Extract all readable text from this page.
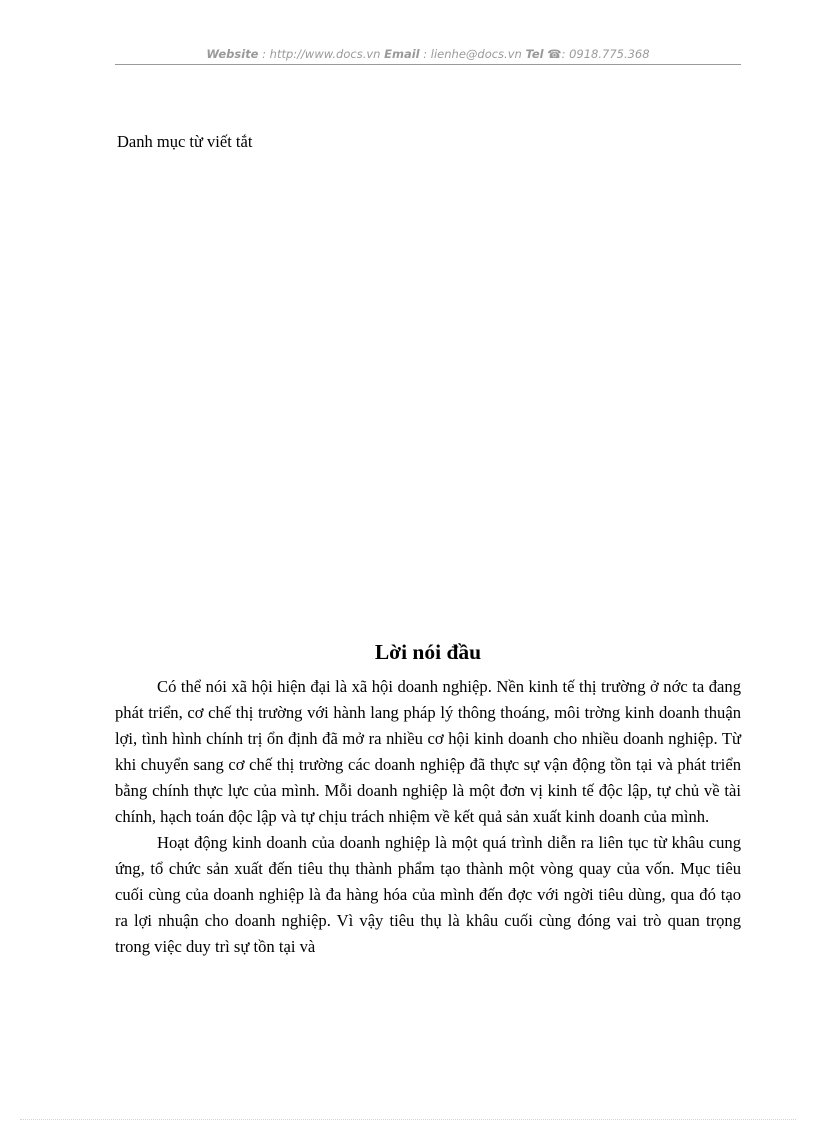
Website : http://www.docs.vn Email : lienhe@docs.vn Tel ☎: 0918.775.368
Danh mục từ viết tắt
Lời nói đầu

Có thể nói xã hội hiện đại là xã hội doanh nghiệp. Nền kinh tế thị trường ở nớc ta đang phát triển, cơ chế thị trường với hành lang pháp lý thông thoáng, môi trờng kinh doanh thuận lợi, tình hình chính trị ổn định đã mở ra nhiều cơ hội kinh doanh cho nhiều doanh nghiệp. Từ khi chuyển sang cơ chế thị trường các doanh nghiệp đã thực sự vận động tồn tại và phát triển bằng chính thực lực của mình. Mỗi doanh nghiệp là một đơn vị kinh tế độc lập, tự chủ về tài chính, hạch toán độc lập và tự chịu trách nhiệm về kết quả sản xuất kinh doanh của mình.

Hoạt động kinh doanh của doanh nghiệp là một quá trình diễn ra liên tục từ khâu cung ứng, tổ chức sản xuất đến tiêu thụ thành phẩm tạo thành một vòng quay của vốn. Mục tiêu cuối cùng của doanh nghiệp là đa hàng hóa của mình đến đợc với ngời tiêu dùng, qua đó tạo ra lợi nhuận cho doanh nghiệp. Vì vậy tiêu thụ là khâu cuối cùng đóng vai trò quan trọng trong việc duy trì sự tồn tại và
